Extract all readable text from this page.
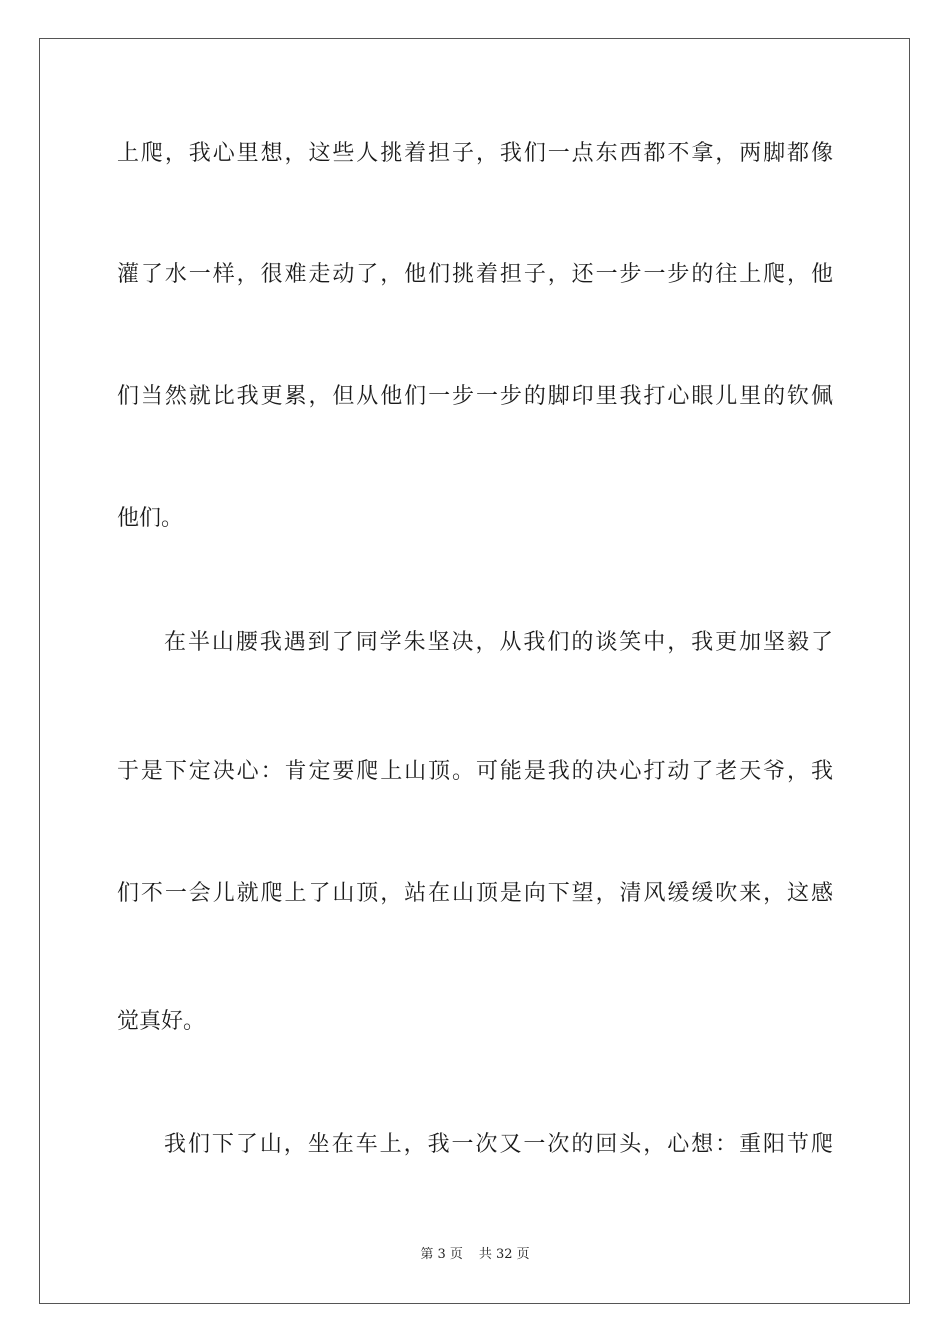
上爬，我心里想，这些人挑着担子，我们一点东西都不拿，两脚都像
灌了水一样，很难走动了，他们挑着担子，还一步一步的往上爬，他
们当然就比我更累，但从他们一步一步的脚印里我打心眼儿里的钦佩
他们。
在半山腰我遇到了同学朱坚决，从我们的谈笑中，我更加坚毅了
于是下定决心：肯定要爬上山顶。可能是我的决心打动了老天爷，我
们不一会儿就爬上了山顶，站在山顶是向下望，清风缓缓吹来，这感
觉真好。
我们下了山，坐在车上，我一次又一次的回头，心想：重阳节爬
第 3 页 共 32 页
